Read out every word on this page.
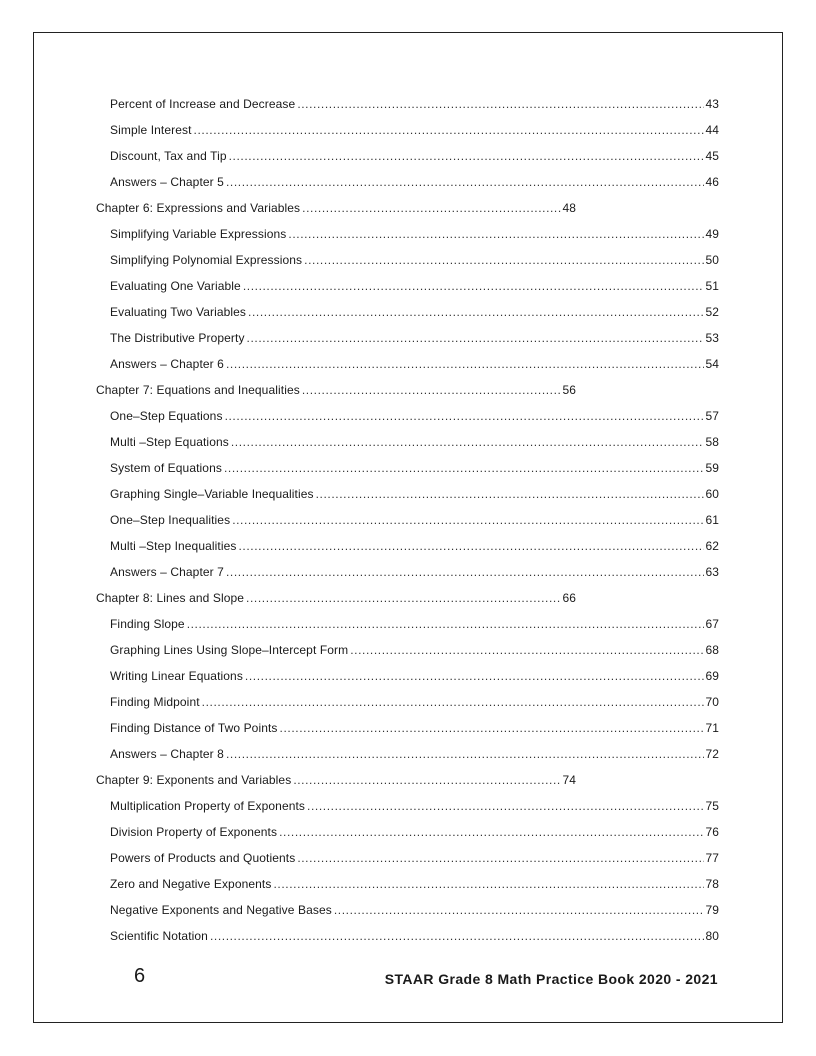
Percent of Increase and Decrease .....	43
Simple Interest .....	44
Discount, Tax and Tip .....	45
Answers – Chapter 5 .....	46
Chapter 6: Expressions and Variables .....	48
Simplifying Variable Expressions .....	49
Simplifying Polynomial Expressions .....	50
Evaluating One Variable .....	51
Evaluating Two Variables .....	52
The Distributive Property .....	53
Answers – Chapter 6 .....	54
Chapter 7: Equations and Inequalities .....	56
One–Step Equations .....	57
Multi –Step Equations .....	58
System of Equations .....	59
Graphing Single–Variable Inequalities .....	60
One–Step Inequalities .....	61
Multi –Step Inequalities .....	62
Answers – Chapter 7 .....	63
Chapter 8: Lines and Slope .....	66
Finding Slope .....	67
Graphing Lines Using Slope–Intercept Form .....	68
Writing Linear Equations .....	69
Finding Midpoint .....	70
Finding Distance of Two Points .....	71
Answers – Chapter 8 .....	72
Chapter 9: Exponents and Variables .....	74
Multiplication Property of Exponents .....	75
Division Property of Exponents .....	76
Powers of Products and Quotients .....	77
Zero and Negative Exponents .....	78
Negative Exponents and Negative Bases .....	79
Scientific Notation .....	80
6	STAAR Grade 8 Math Practice Book 2020 - 2021
